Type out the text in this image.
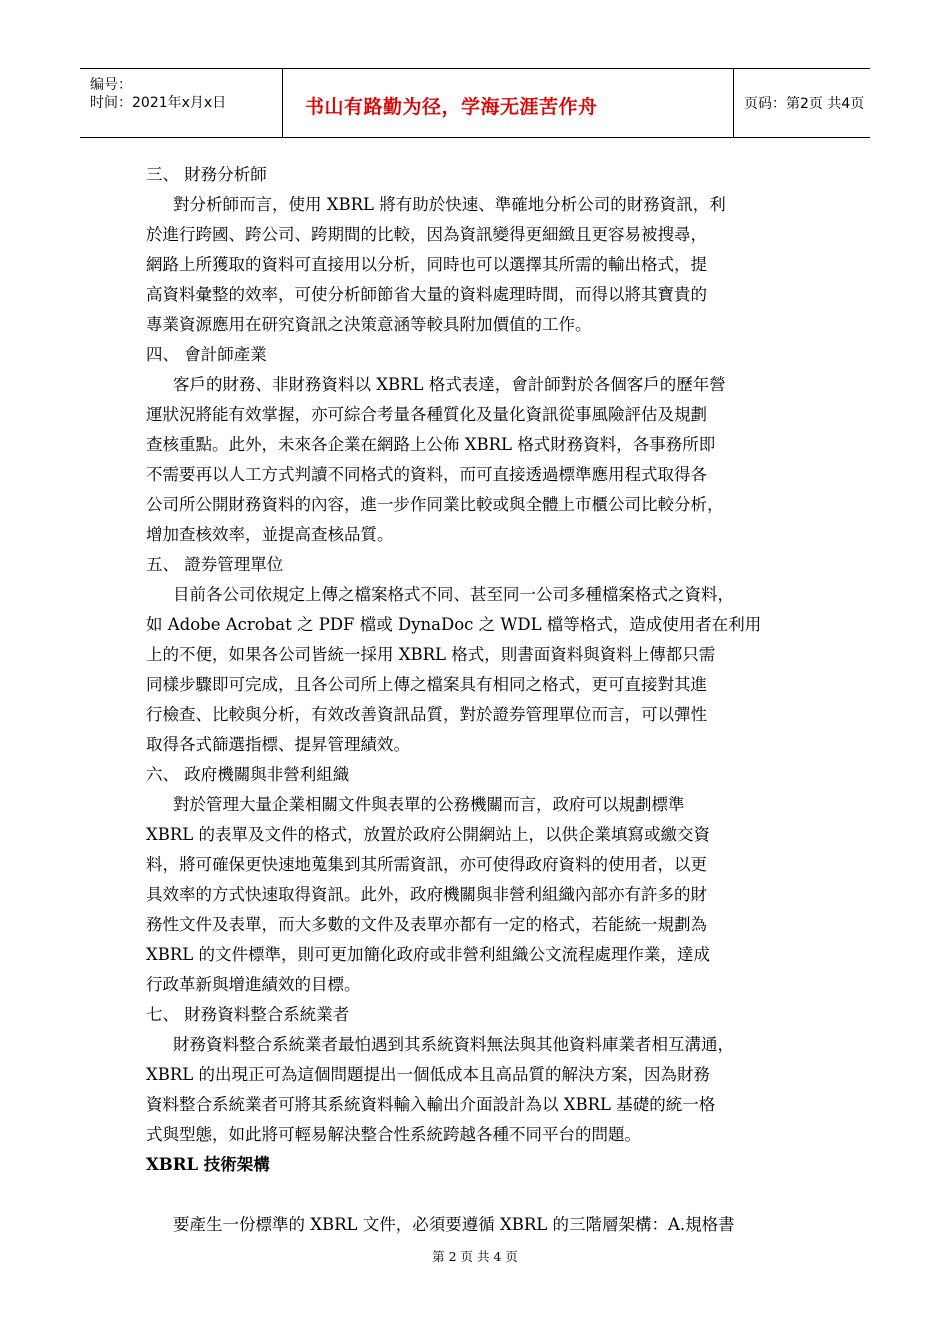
编号：
时间：2021年x月x日	书山有路勤为径，学海无涯苦作舟	页码：第2页 共4页
三、 財務分析師
對分析師而言，使用 XBRL 將有助於快速、準確地分析公司的財務資訊，利
於進行跨國、跨公司、跨期間的比較，因為資訊變得更細緻且更容易被搜尋，
網路上所獲取的資料可直接用以分析，同時也可以選擇其所需的輸出格式，提
高資料彙整的效率，可使分析師節省大量的資料處理時間，而得以將其寶貴的
專業資源應用在研究資訊之決策意涵等較具附加價值的工作。
四、 會計師產業
客戶的財務、非財務資料以 XBRL 格式表達，會計師對於各個客戶的歷年營
運狀況將能有效掌握，亦可綜合考量各種質化及量化資訊從事風險評估及規劃
查核重點。此外，未來各企業在網路上公佈 XBRL 格式財務資料，各事務所即
不需要再以人工方式判讀不同格式的資料，而可直接透過標準應用程式取得各
公司所公開財務資料的內容，進一步作同業比較或與全體上市櫃公司比較分析，
增加查核效率，並提高查核品質。
五、 證券管理單位
目前各公司依規定上傳之檔案格式不同、甚至同一公司多種檔案格式之資料，
如 Adobe Acrobat 之 PDF 檔或 DynaDoc 之 WDL 檔等格式，造成使用者在利用
上的不便，如果各公司皆統一採用 XBRL 格式，則書面資料與資料上傳都只需
同樣步驟即可完成，且各公司所上傳之檔案具有相同之格式，更可直接對其進
行檢查、比較與分析，有效改善資訊品質，對於證券管理單位而言，可以彈性
取得各式篩選指標、提昇管理績效。
六、 政府機關與非營利組織
對於管理大量企業相關文件與表單的公務機關而言，政府可以規劃標準
XBRL 的表單及文件的格式，放置於政府公開網站上，以供企業填寫或繳交資
料，將可確保更快速地蒐集到其所需資訊，亦可使得政府資料的使用者，以更
具效率的方式快速取得資訊。此外，政府機關與非營利組織內部亦有許多的財
務性文件及表單，而大多數的文件及表單亦都有一定的格式，若能統一規劃為
XBRL 的文件標準，則可更加簡化政府或非營利組織公文流程處理作業，達成
行政革新與增進績效的目標。
七、 財務資料整合系統業者
財務資料整合系統業者最怕遇到其系統資料無法與其他資料庫業者相互溝通，
XBRL 的出現正可為這個問題提出一個低成本且高品質的解決方案，因為財務
資料整合系統業者可將其系統資料輸入輸出介面設計為以 XBRL 基礎的統一格
式與型態，如此將可輕易解決整合性系統跨越各種不同平台的問題。
XBRL 技術架構
要產生一份標準的 XBRL 文件，必須要遵循 XBRL 的三階層架構：A.規格書
第 2 页 共 4 页
